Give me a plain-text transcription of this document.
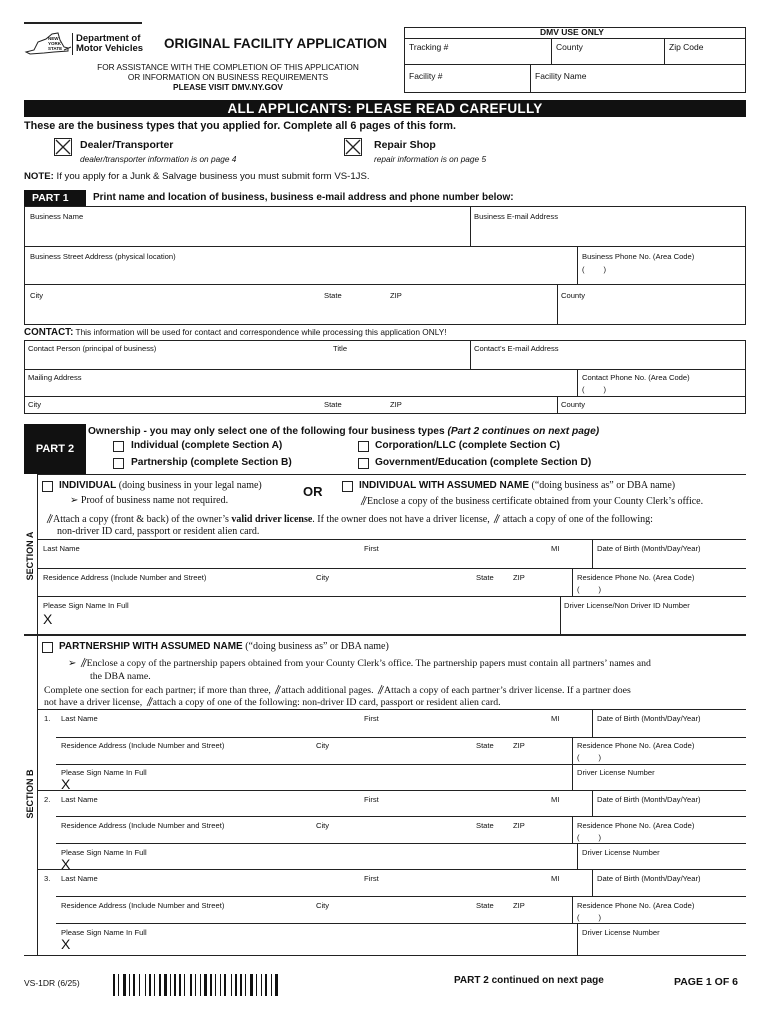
NEW YORK STATE
Department of
Motor Vehicles ORIGINAL FACILITY APPLICATION
FOR ASSISTANCE WITH THE COMPLETION OF THIS APPLICATION
OR INFORMATION ON BUSINESS REQUIREMENTS
PLEASE VISIT DMV.NY.GOV
DMV USE ONLY
Tracking #	County	Zip Code
Facility #	Facility Name
ALL APPLICANTS: PLEASE READ CAREFULLY
These are the business types that you applied for. Complete all 6 pages of this form.
Dealer/Transporter
dealer/transporter information is on page 4
Repair Shop
repair information is on page 5
NOTE: If you apply for a Junk & Salvage business you must submit form VS-1JS.
PART 1	Print name and location of business, business e-mail address and phone number below:
Business Name	Business E-mail Address
Business Street Address (physical location)	Business Phone No. (Area Code)
(         )
City	State	ZIP	County
CONTACT: This information will be used for contact and correspondence while processing this application ONLY!
Contact Person (principal of business)	Title	Contact's E-mail Address
Mailing Address	Contact Phone No. (Area Code)
(         )
City	State	ZIP	County
PART 2
Ownership - you may only select one of the following four business types (Part 2 continues on next page)
Individual (complete Section A)	Corporation/LLC (complete Section C)
Partnership (complete Section B)	Government/Education (complete Section D)
SECTION A
INDIVIDUAL (doing business in your legal name)	OR	INDIVIDUAL WITH ASSUMED NAME (“doing business as” or DBA name)
➢ Proof of business name not required.	Enclose a copy of the business certificate obtained from your County Clerk’s office.
Attach a copy (front & back) of the owner’s valid driver license. If the owner does not have a driver license,  attach a copy of one of the following:
non-driver ID card, passport or resident alien card.
Last Name	First	MI	Date of Birth (Month/Day/Year)
Residence Address (Include Number and Street)	City	State	ZIP	Residence Phone No. (Area Code)
(         )
Please Sign Name In Full
X
Driver License/Non Driver ID Number
SECTION B
PARTNERSHIP WITH ASSUMED NAME (“doing business as” or DBA name)
➢ Enclose a copy of the partnership papers obtained from your County Clerk’s office. The partnership papers must contain all partners’ names and
the DBA name.
Complete one section for each partner; if more than three, attach additional pages. Attach a copy of each partner’s driver license. If a partner does
not have a driver license, attach a copy of one of the following: non-driver ID card, passport or resident alien card.
1. Last Name	First	MI	Date of Birth (Month/Day/Year)
Residence Address (Include Number and Street)	City	State	ZIP	Residence Phone No. (Area Code)
(         )
Please Sign Name In Full
X
Driver License Number
2. Last Name	First	MI	Date of Birth (Month/Day/Year)
Residence Address (Include Number and Street)	City	State	ZIP	Residence Phone No. (Area Code)
(         )
Please Sign Name In Full
X
Driver License Number
3. Last Name	First	MI	Date of Birth (Month/Day/Year)
Residence Address (Include Number and Street)	City	State	ZIP	Residence Phone No. (Area Code)
(         )
Please Sign Name In Full
X
Driver License Number
VS-1DR (6/25)	PART 2 continued on next page	PAGE 1 OF 6
